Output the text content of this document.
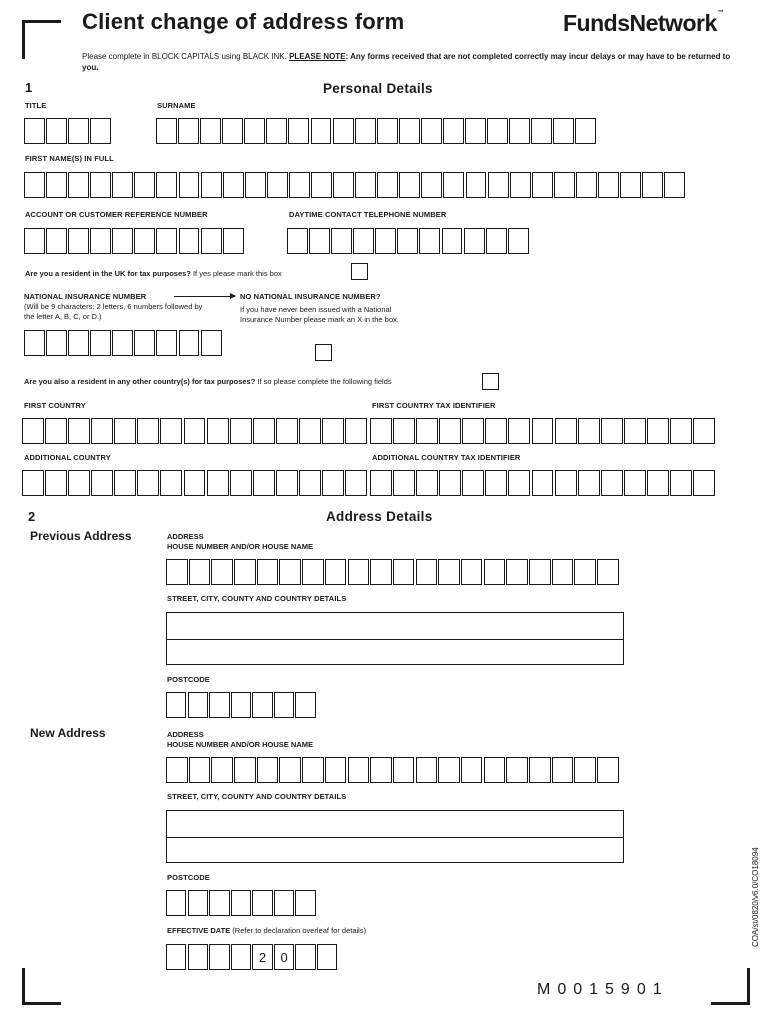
Client change of address form	FundsNetwork™
Please complete in BLOCK CAPITALS using BLACK INK. PLEASE NOTE: Any forms received that are not completed correctly may incur delays or may have to be returned to you.
1	Personal Details
TITLE	SURNAME
FIRST NAME(S) IN FULL
ACCOUNT OR CUSTOMER REFERENCE NUMBER	DAYTIME CONTACT TELEPHONE NUMBER
Are you a resident in the UK for tax purposes? If yes please mark this box
NATIONAL INSURANCE NUMBER
(Will be 9 characters: 2 letters, 6 numbers followed by the letter A, B, C, or D.)
NO NATIONAL INSURANCE NUMBER?
If you have never been issued with a National Insurance Number please mark an X in the box.
Are you also a resident in any other country(s) for tax purposes? If so please complete the following fields
FIRST COUNTRY	FIRST COUNTRY TAX IDENTIFIER
ADDITIONAL COUNTRY	ADDITIONAL COUNTRY TAX IDENTIFIER
2	Address Details
Previous Address	ADDRESS
HOUSE NUMBER AND/OR HOUSE NAME
STREET, CITY, COUNTY AND COUNTRY DETAILS
POSTCODE
New Address	ADDRESS
HOUSE NUMBER AND/OR HOUSE NAME
STREET, CITY, COUNTY AND COUNTRY DETAILS
POSTCODE
EFFECTIVE DATE (Refer to declaration overleaf for details)
2	0
M0015901
COA/st/0820/v6.0/CO18094
